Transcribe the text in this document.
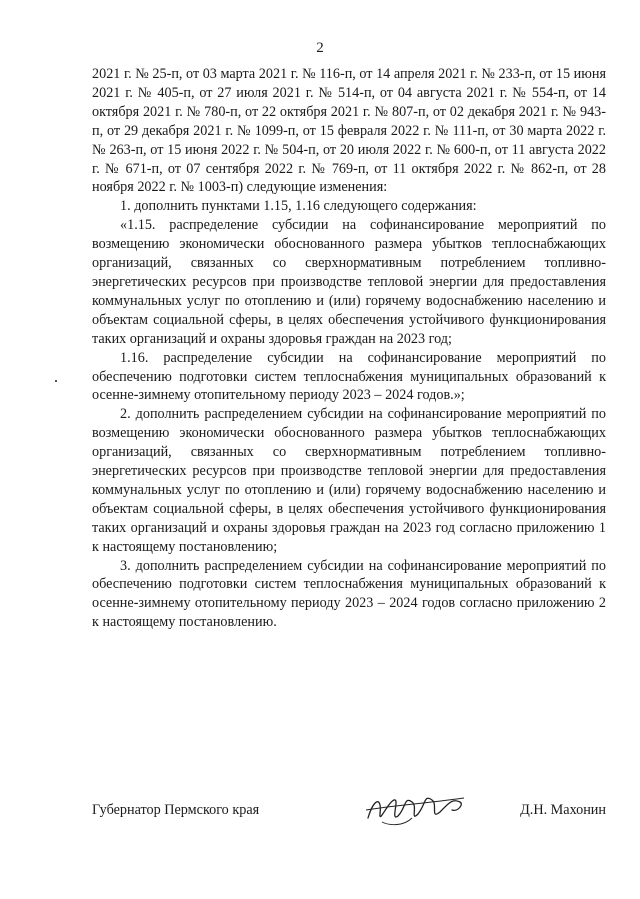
2

2021 г. № 25-п, от 03 марта 2021 г. № 116-п, от 14 апреля 2021 г. № 233-п, от 15 июня 2021 г. № 405-п, от 27 июля 2021 г. № 514-п, от 04 августа 2021 г. № 554-п, от 14 октября 2021 г. № 780-п, от 22 октября 2021 г. № 807-п, от 02 декабря 2021 г. № 943-п, от 29 декабря 2021 г. № 1099-п, от 15 февраля 2022 г. № 111-п, от 30 марта 2022 г. № 263-п, от 15 июня 2022 г. № 504-п, от 20 июля 2022 г. № 600-п, от 11 августа 2022 г. № 671-п, от 07 сентября 2022 г. № 769-п, от 11 октября 2022 г. № 862-п, от 28 ноября 2022 г. № 1003-п) следующие изменения:

1. дополнить пунктами 1.15, 1.16 следующего содержания:

«1.15. распределение субсидии на софинансирование мероприятий по возмещению экономически обоснованного размера убытков теплоснабжающих организаций, связанных со сверхнормативным потреблением топливно-энергетических ресурсов при производстве тепловой энергии для предоставления коммунальных услуг по отоплению и (или) горячему водоснабжению населению и объектам социальной сферы, в целях обеспечения устойчивого функционирования таких организаций и охраны здоровья граждан на 2023 год;

1.16. распределение субсидии на софинансирование мероприятий по обеспечению подготовки систем теплоснабжения муниципальных образований к осенне-зимнему отопительному периоду 2023 – 2024 годов.»;

2. дополнить распределением субсидии на софинансирование мероприятий по возмещению экономически обоснованного размера убытков теплоснабжающих организаций, связанных со сверхнормативным потреблением топливно-энергетических ресурсов при производстве тепловой энергии для предоставления коммунальных услуг по отоплению и (или) горячему водоснабжению населению и объектам социальной сферы, в целях обеспечения устойчивого функционирования таких организаций и охраны здоровья граждан на 2023 год согласно приложению 1 к настоящему постановлению;

3. дополнить распределением субсидии на софинансирование мероприятий по обеспечению подготовки систем теплоснабжения муниципальных образований к осенне-зимнему отопительному периоду 2023 – 2024 годов согласно приложению 2 к настоящему постановлению.

Губернатор Пермского края	Д.Н. Махонин
